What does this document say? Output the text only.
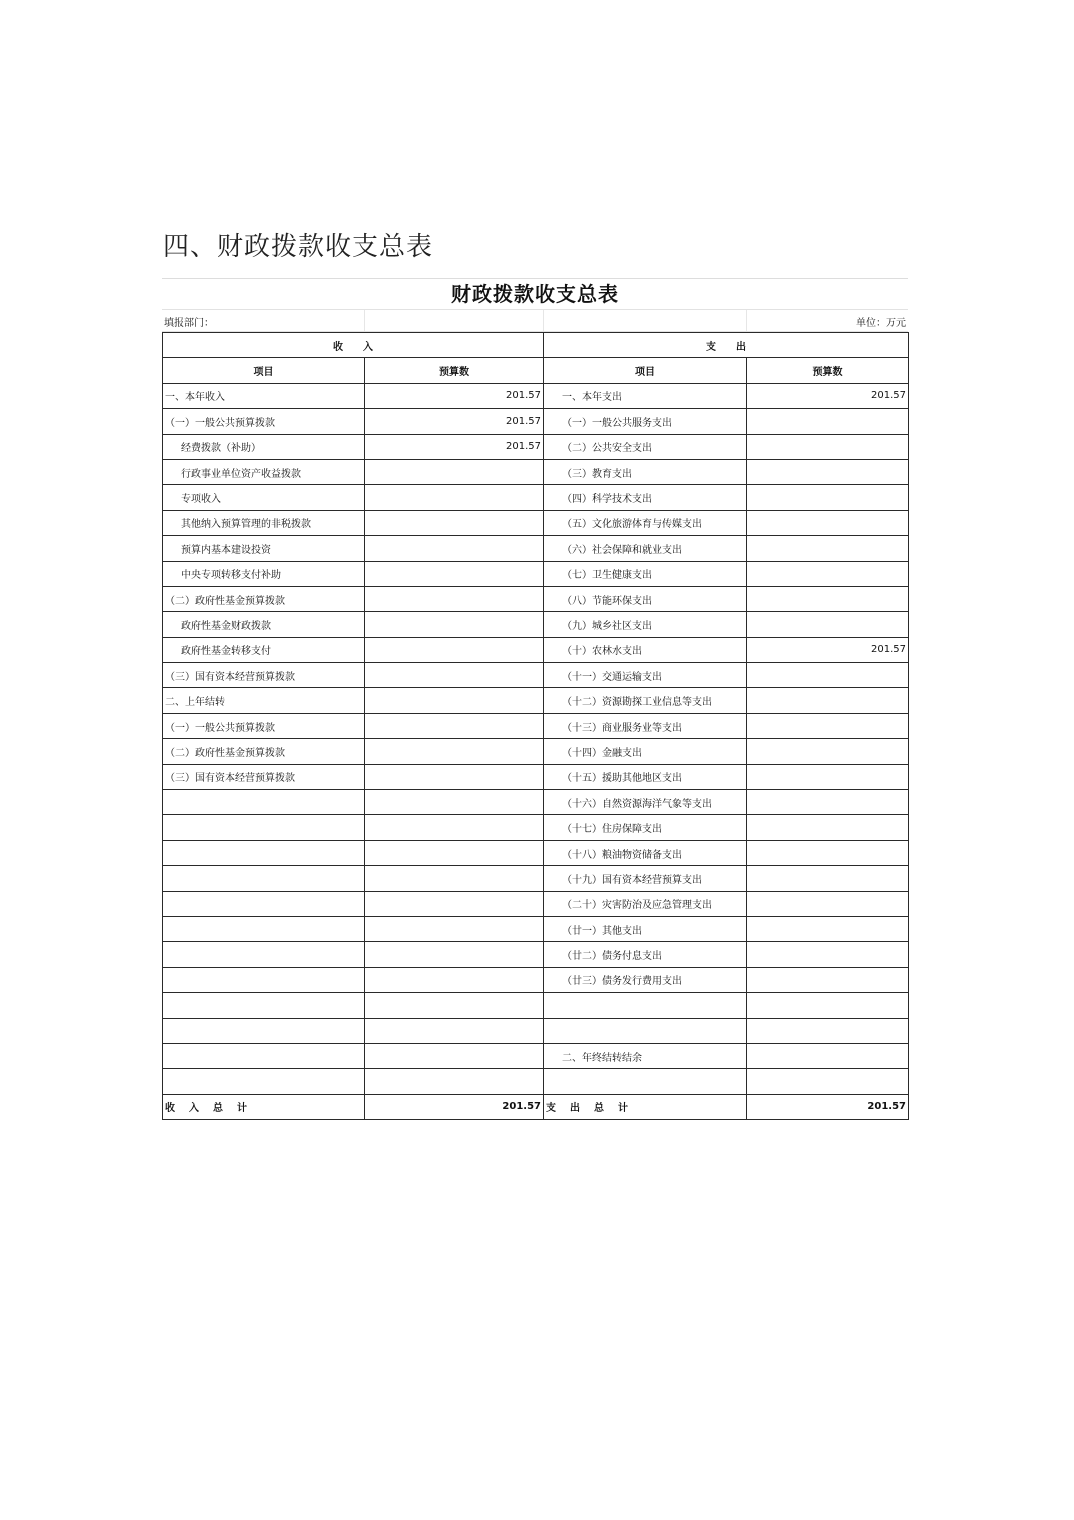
四、财政拨款收支总表
财政拨款收支总表
填报部门：	单位：万元
收　　入		支　　出	
项目	预算数	项目	预算数
一、本年收入	201.57	一、本年支出	201.57
（一）一般公共预算拨款	201.57	（一）一般公共服务支出	
经费拨款（补助）	201.57	（二）公共安全支出	
行政事业单位资产收益拨款		（三）教育支出	
专项收入		（四）科学技术支出	
其他纳入预算管理的非税拨款		（五）文化旅游体育与传媒支出	
预算内基本建设投资		（六）社会保障和就业支出	
中央专项转移支付补助		（七）卫生健康支出	
（二）政府性基金预算拨款		（八）节能环保支出	
政府性基金财政拨款		（九）城乡社区支出	
政府性基金转移支付		（十）农林水支出	201.57
（三）国有资本经营预算拨款		（十一）交通运输支出	
二、上年结转		（十二）资源勘探工业信息等支出	
（一）一般公共预算拨款		（十三）商业服务业等支出	
（二）政府性基金预算拨款		（十四）金融支出	
（三）国有资本经营预算拨款		（十五）援助其他地区支出	
		（十六）自然资源海洋气象等支出	
		（十七）住房保障支出	
		（十八）粮油物资储备支出	
		（十九）国有资本经营预算支出	
		（二十）灾害防治及应急管理支出	
		（廿一）其他支出	
		（廿二）债务付息支出	
		（廿三）债务发行费用支出	

		二、年终结转结余	

收入总计	201.57	支出总计	201.57
